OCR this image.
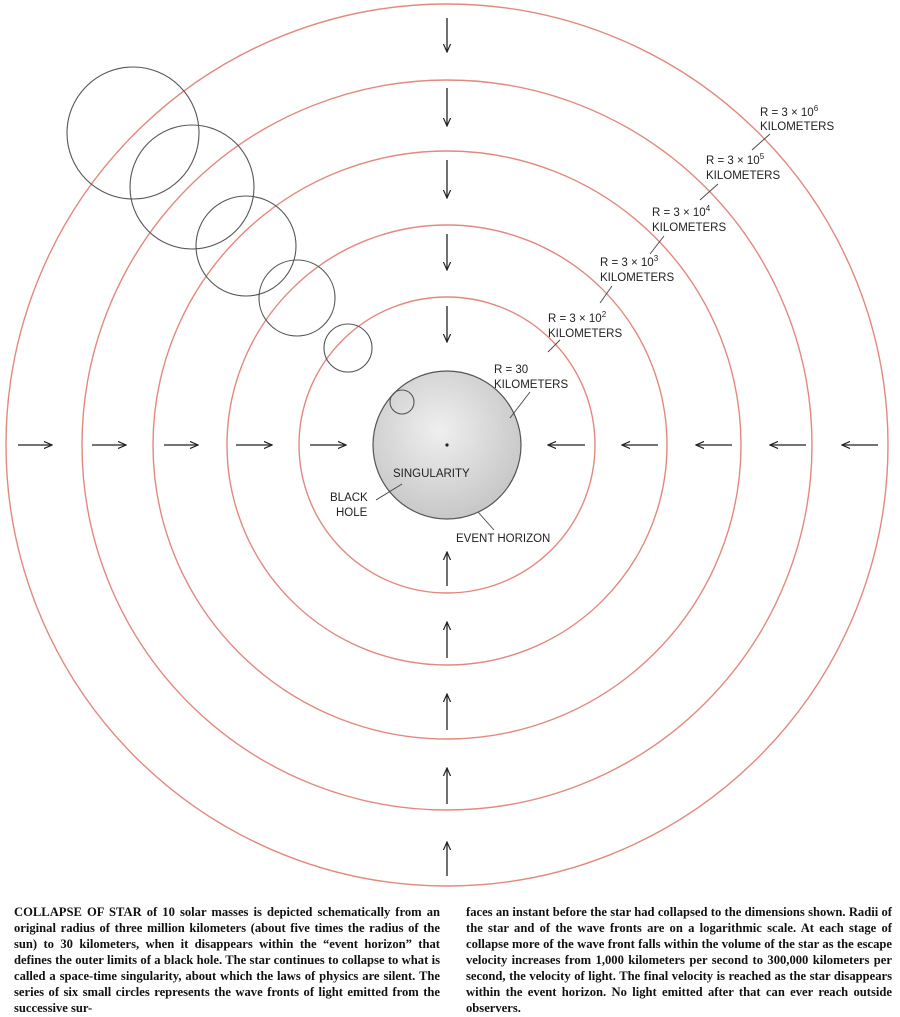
$R = 3 \times 10^6$
KILOMETERS
$R = 3 \times 10^5$
KILOMETERS
$R = 3 \times 10^4$
KILOMETERS
$R = 3 \times 10^3$
KILOMETERS
$R = 3 \times 10^2$
KILOMETERS
R = 30
KILOMETERS
SINGULARITY
BLACK
HOLE
EVENT HORIZON

COLLAPSE OF STAR of 10 solar masses is depicted schematically from an original radius of three million kilometers (about five times the radius of the sun) to 30 kilometers, when it disappears within the “event horizon” that defines the outer limits of a black hole. The star continues to collapse to what is called a space-time singularity, about which the laws of physics are silent. The series of six small circles represents the wave fronts of light emitted from the successive sur-

faces an instant before the star had collapsed to the dimensions shown. Radii of the star and of the wave fronts are on a logarithmic scale. At each stage of collapse more of the wave front falls within the volume of the star as the escape velocity increases from 1,000 kilometers per second to 300,000 kilometers per second, the velocity of light. The final velocity is reached as the star disappears within the event horizon. No light emitted after that can ever reach outside observers.
